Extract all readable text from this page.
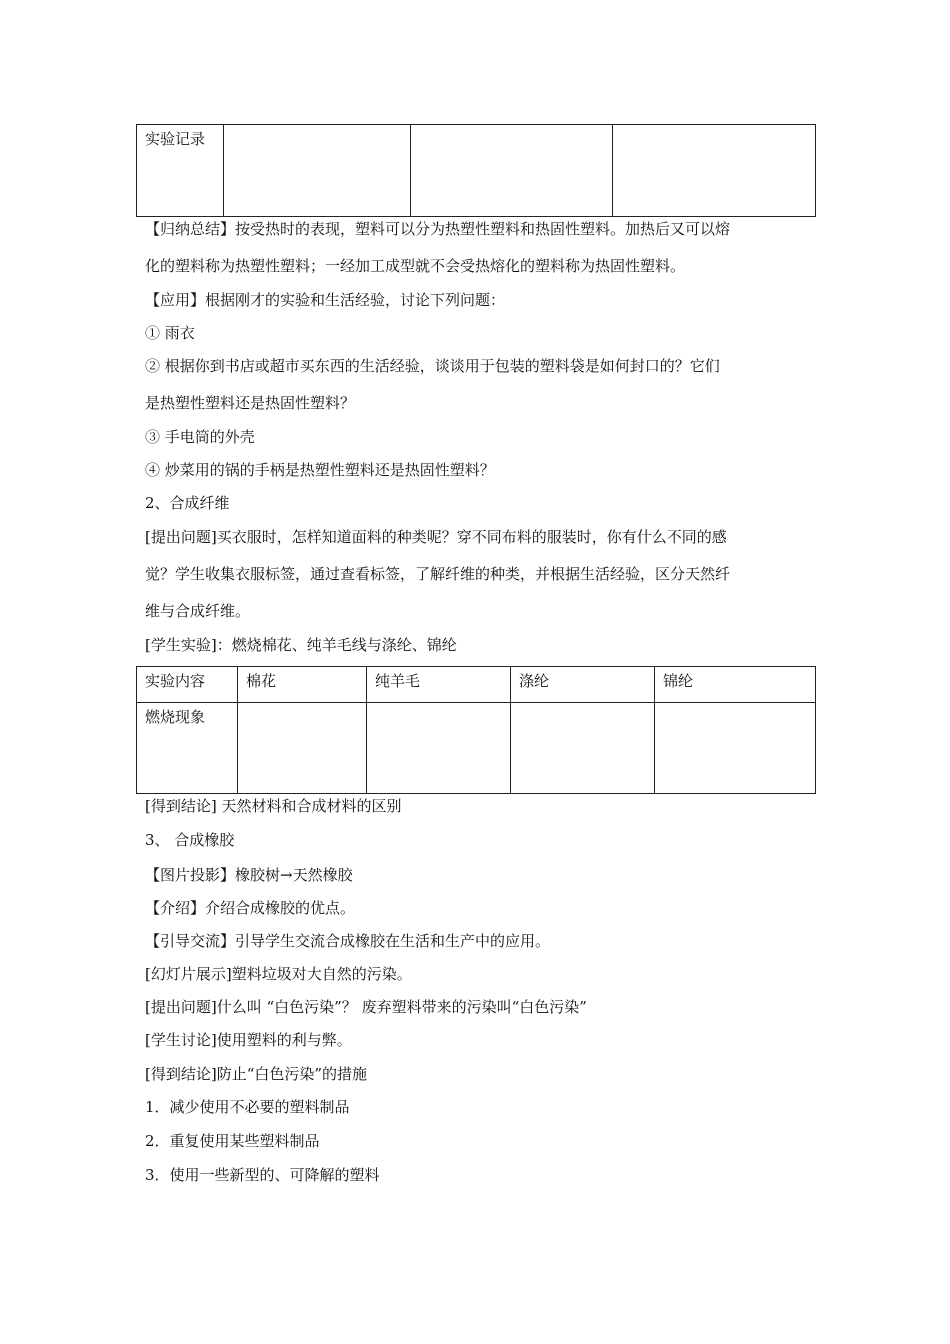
实验记录			
【归纳总结】按受热时的表现，塑料可以分为热塑性塑料和热固性塑料。加热后又可以熔
化的塑料称为热塑性塑料；一经加工成型就不会受热熔化的塑料称为热固性塑料。
【应用】根据刚才的实验和生活经验，讨论下列问题：
① 雨衣
② 根据你到书店或超市买东西的生活经验，谈谈用于包装的塑料袋是如何封口的？它们
是热塑性塑料还是热固性塑料？
③ 手电筒的外壳
④ 炒菜用的锅的手柄是热塑性塑料还是热固性塑料？
2、合成纤维
[提出问题]买衣服时，怎样知道面料的种类呢？穿不同布料的服装时，你有什么不同的感
觉？学生收集衣服标签，通过查看标签，了解纤维的种类，并根据生活经验，区分天然纤
维与合成纤维。
[学生实验]：燃烧棉花、纯羊毛线与涤纶、锦纶
实验内容	棉花	纯羊毛	涤纶	锦纶
燃烧现象				
[得到结论] 天然材料和合成材料的区别
3、 合成橡胶
【图片投影】橡胶树→天然橡胶
【介绍】介绍合成橡胶的优点。
【引导交流】引导学生交流合成橡胶在生活和生产中的应用。
[幻灯片展示]塑料垃圾对大自然的污染。
[提出问题]什么叫 “白色污染”？ 废弃塑料带来的污染叫“白色污染”
[学生讨论]使用塑料的利与弊。
[得到结论]防止“白色污染”的措施
1．减少使用不必要的塑料制品
2．重复使用某些塑料制品
3．使用一些新型的、可降解的塑料
